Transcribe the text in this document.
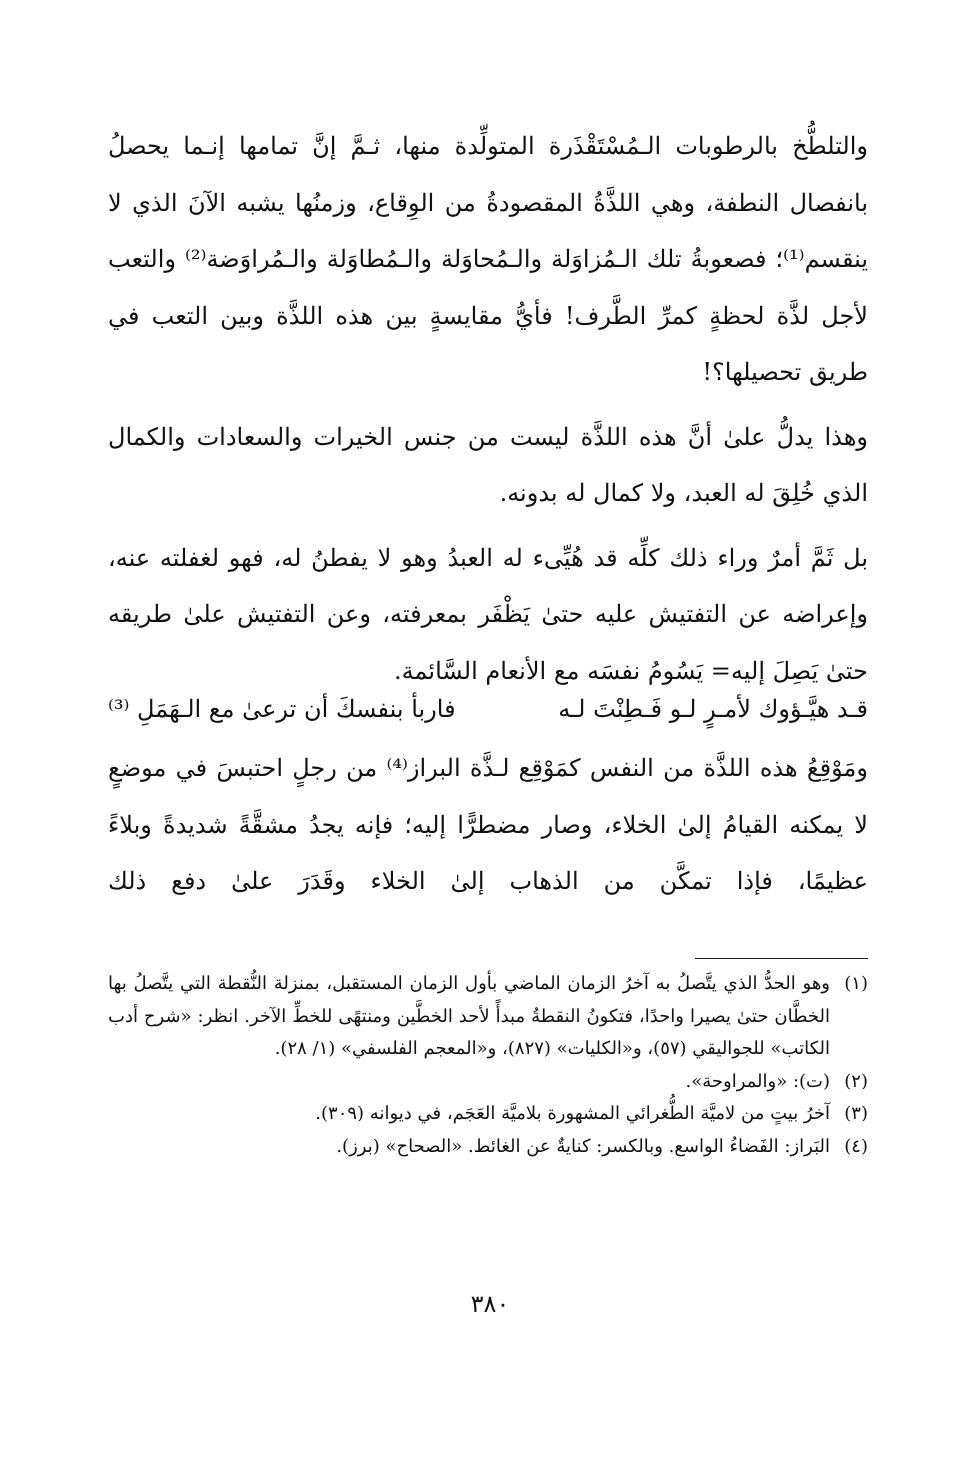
والتلطُّخ بالرطوبات الـمُسْتَقْذَرة المتولِّدة منها، ثـمَّ إنَّ تمامها إنـما يحصلُ بانفصال النطفة، وهي اللذَّةُ المقصودةُ من الوِقاع، وزمنُها يشبه الآنَ الذي لا ينقسم⁽¹⁾؛ فصعوبةُ تلك الـمُزاوَلة والـمُحاوَلة والـمُطاوَلة والـمُراوَضة⁽²⁾ والتعب لأجل لذَّة لحظةٍ كمرِّ الطَّرف! فأيُّ مقايسةٍ بين هذه اللذَّة وبين التعب في طريق تحصيلها؟!

وهذا يدلُّ علىٰ أنَّ هذه اللذَّة ليست من جنس الخيرات والسعادات والكمال الذي خُلِقَ له العبد، ولا كمال له بدونه.

بل ثَمَّ أمرٌ وراء ذلك كلِّه قد هُيِّىء له العبدُ وهو لا يفطنُ له، فهو لغفلته عنه، وإعراضه عن التفتيش عليه حتىٰ يَظْفَر بمعرفته، وعن التفتيش علىٰ طريقه حتىٰ يَصِلَ إليه= يَسُومُ نفسَه مع الأنعام السَّائمة.

قـد هيَّـؤوك لأمـرٍ لـو فَـطِنْتَ لـه
فاربأ بنفسكَ أن ترعىٰ مع الـهَمَلِ ⁽³⁾
ومَوْقِعُ هذه اللذَّة من النفس كمَوْقِع لـذَّة البراز⁽⁴⁾ من رجلٍ احتبسَ في موضعٍ لا يمكنه القيامُ إلىٰ الخلاء، وصار مضطرًّا إليه؛ فإنه يجدُ مشقَّةً شديدةً وبلاءً عظيمًا، فإذا تمكَّن من الذهاب إلىٰ الخلاء وقَدَرَ علىٰ دفع ذلك
(١)
وهو الحدُّ الذي يتَّصلُ به آخرُ الزمان الماضي بأول الزمان المستقبل، بمنزلة النُّقطة التي يتَّصلُ بها الخطَّان حتىٰ يصيرا واحدًا، فتكونُ النقطةُ مبدأً لأحد الخطَّين ومنتهًى للخطِّ الآخر. انظر: «شرح أدب الكاتب» للجواليقي (٥٧)، و«الكليات» (٨٢٧)، و«المعجم الفلسفي» (١/ ٢٨).
(٢)
(ت): «والمراوحة».
(٣)
آخرُ بيتٍ من لاميَّة الطُّغرائي المشهورة بلاميَّة العَجَم، في ديوانه (٣٠٩).
(٤)
البَراز: الفَضاءُ الواسع. وبالكسر: كنايةٌ عن الغائط. «الصحاح» (برز).
٣٨٠
